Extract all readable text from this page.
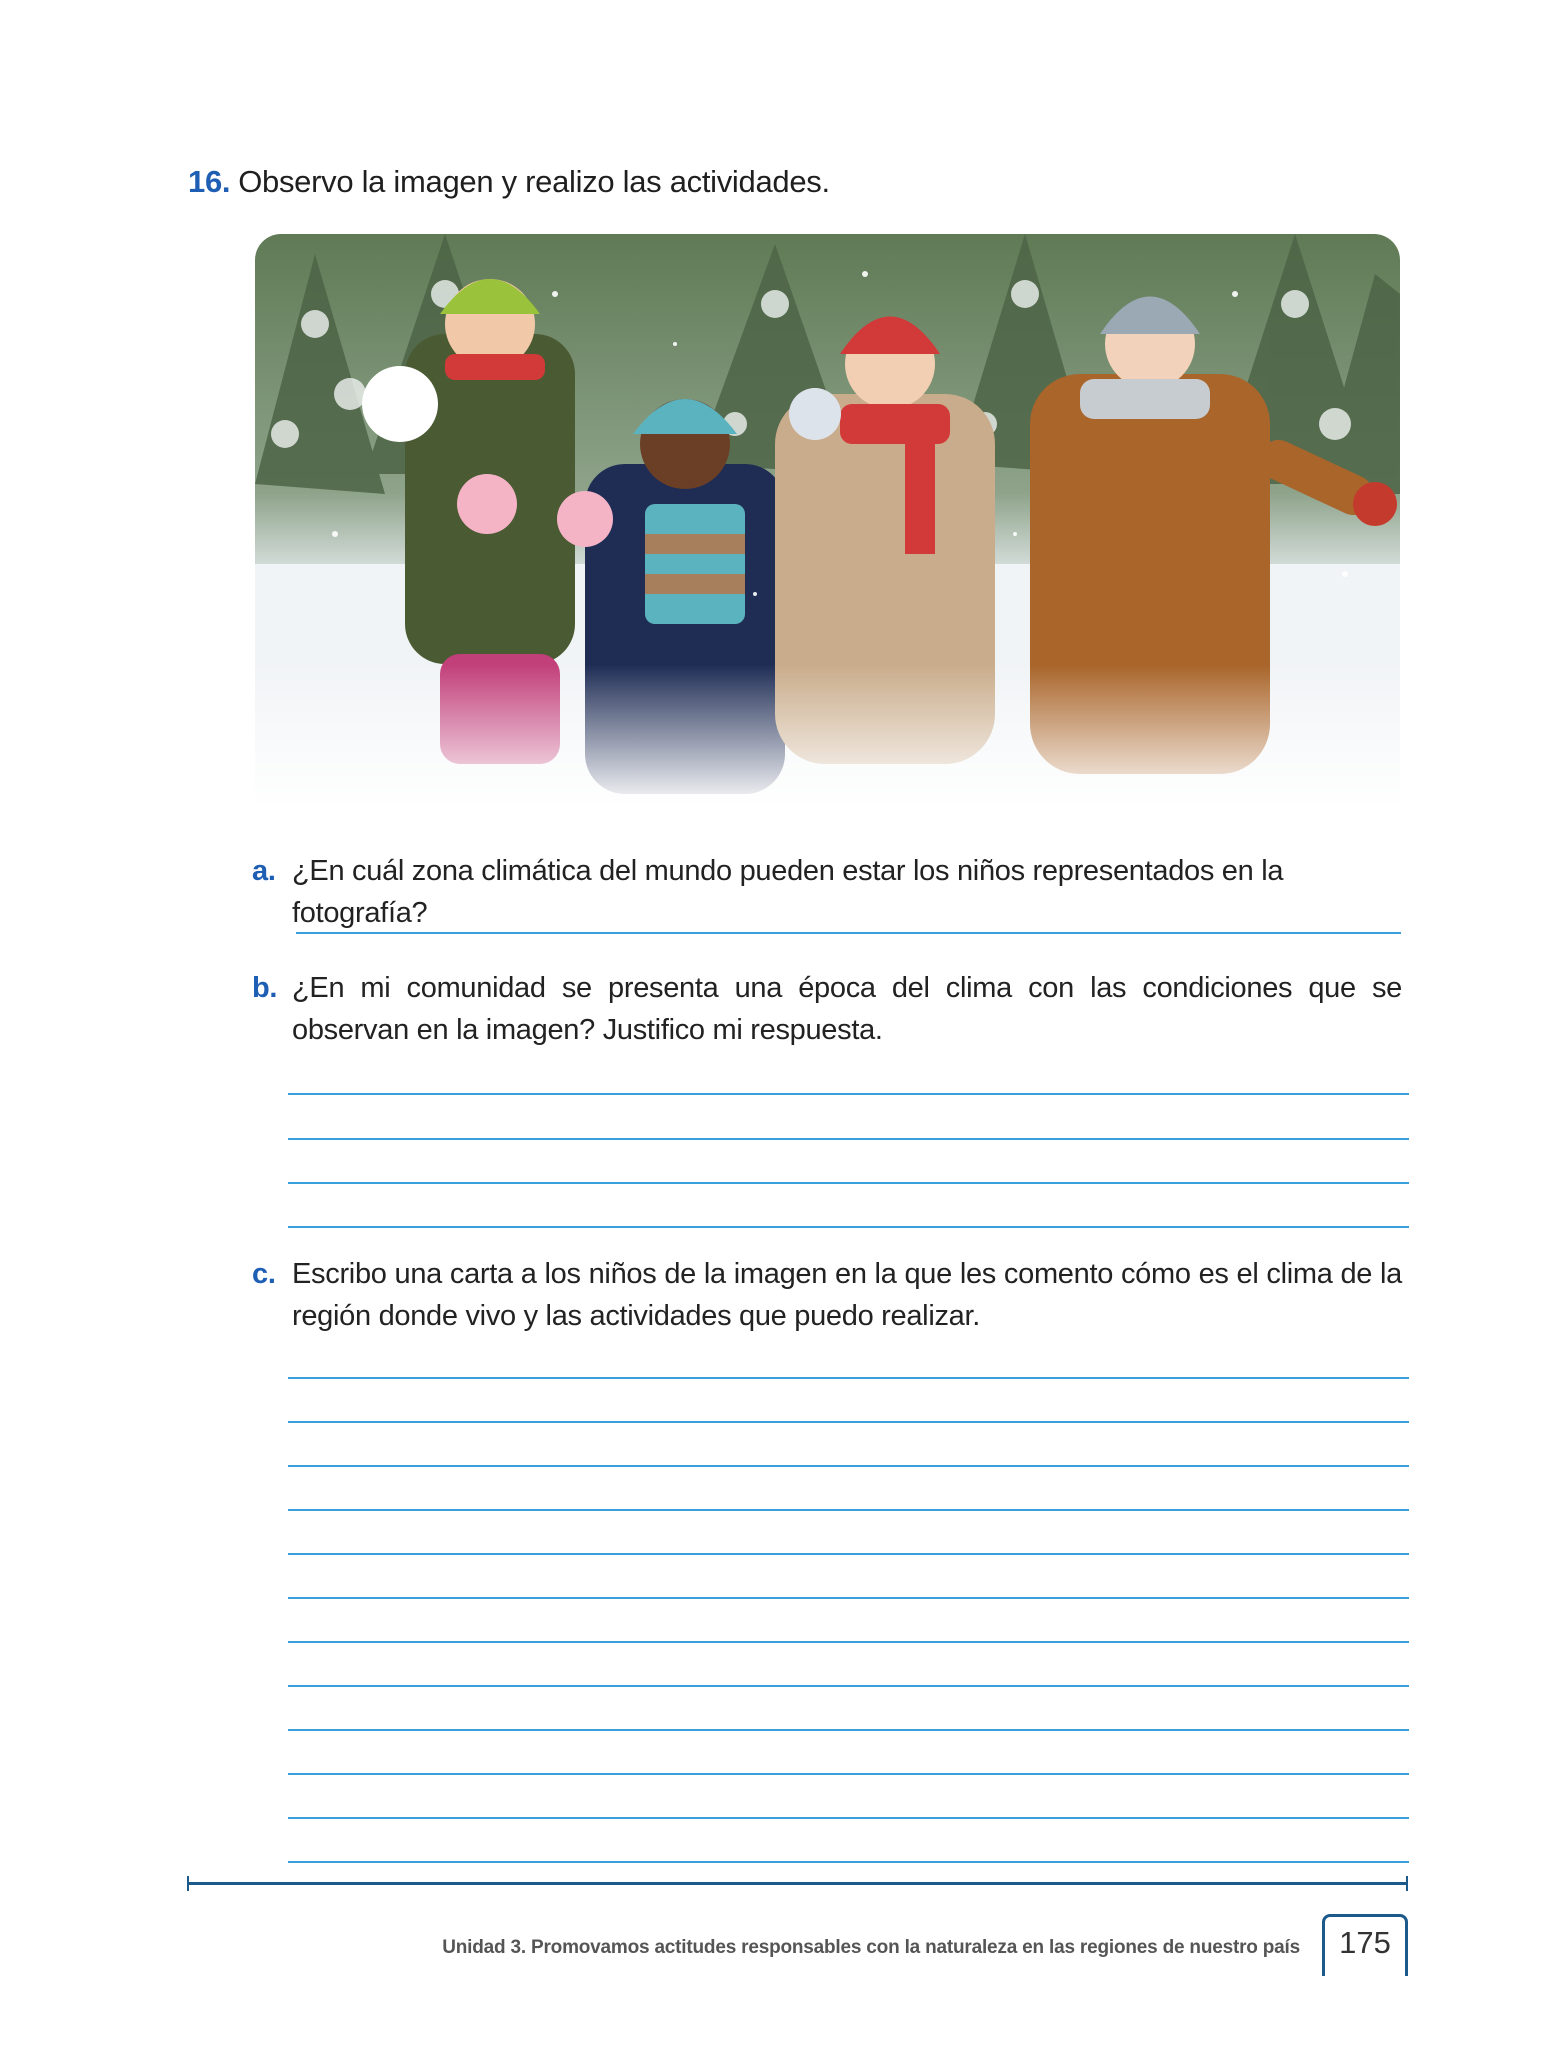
16. Observo la imagen y realizo las actividades.
a. ¿En cuál zona climática del mundo pueden estar los niños representados en la fotografía?
b. ¿En mi comunidad se presenta una época del clima con las condiciones que se observan en la imagen? Justifico mi respuesta.
c. Escribo una carta a los niños de la imagen en la que les comento cómo es el clima de la región donde vivo y las actividades que puedo realizar.
Unidad 3. Promovamos actitudes responsables con la naturaleza en las regiones de nuestro país	175
